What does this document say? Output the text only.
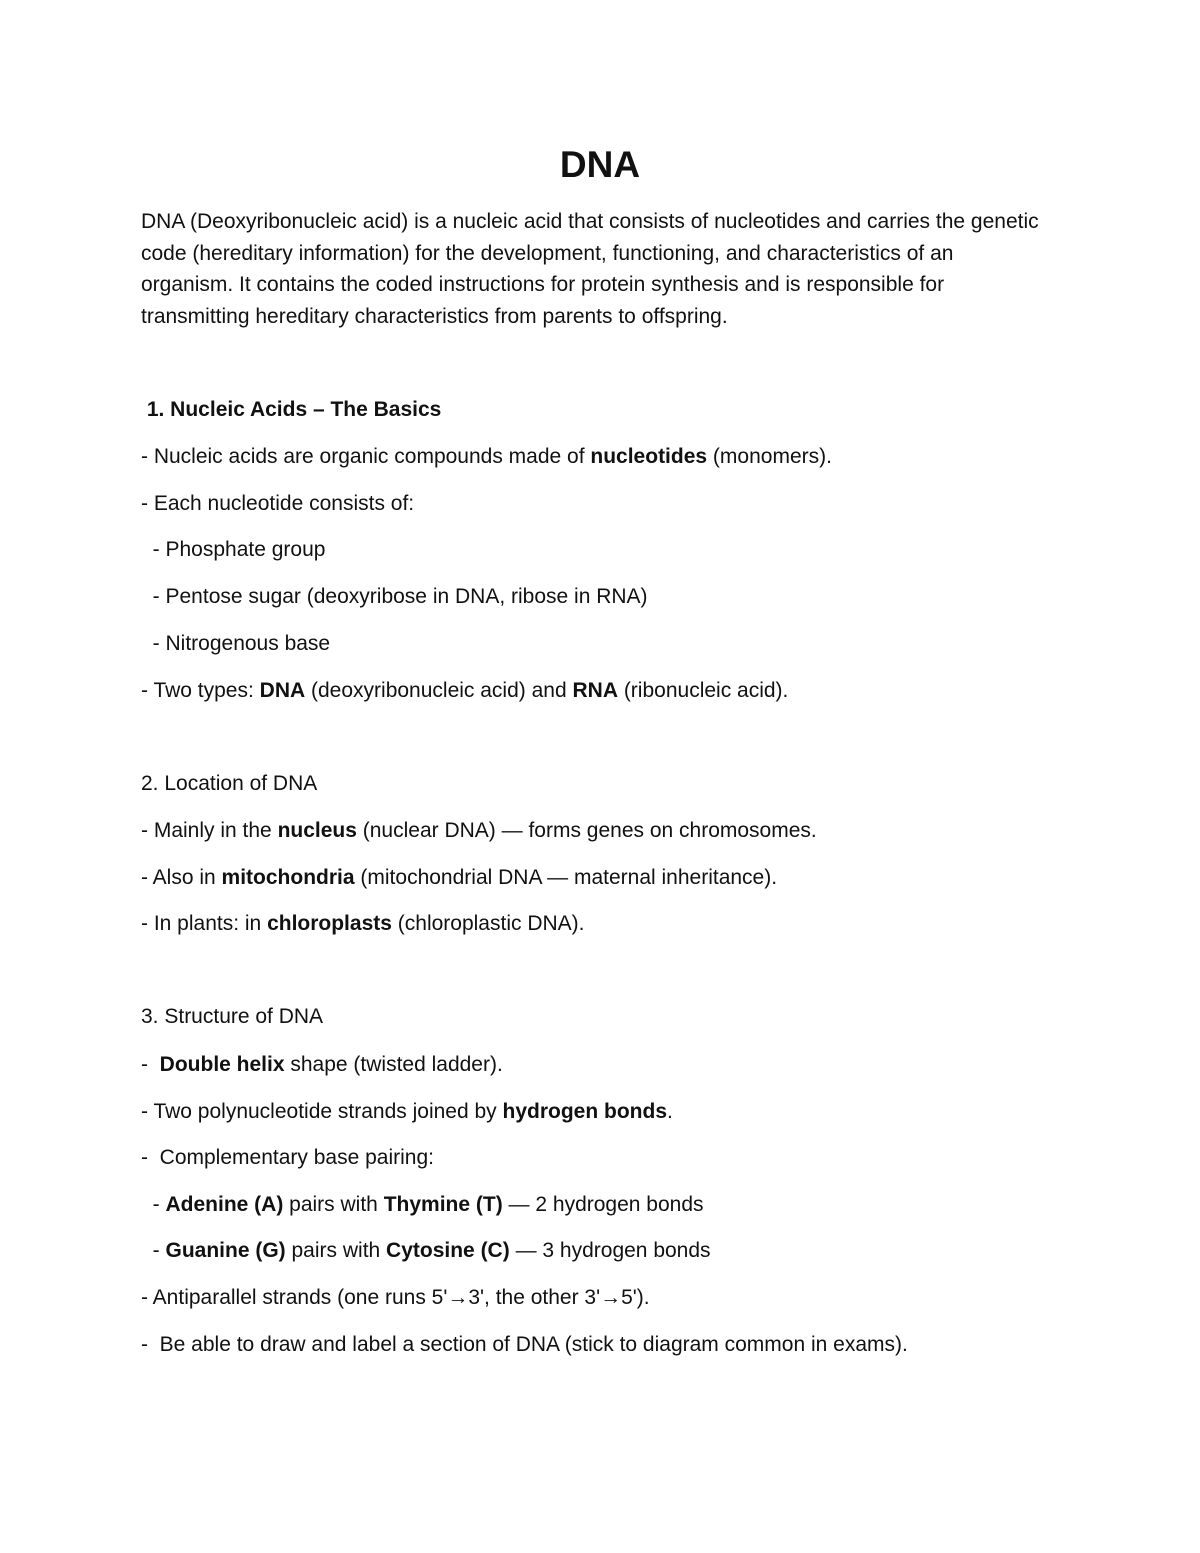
DNA

DNA (Deoxyribonucleic acid) is a nucleic acid that consists of nucleotides and carries the genetic code (hereditary information) for the development, functioning, and characteristics of an organism. It contains the coded instructions for protein synthesis and is responsible for transmitting hereditary characteristics from parents to offspring.

1. Nucleic Acids – The Basics

- Nucleic acids are organic compounds made of nucleotides (monomers).

- Each nucleotide consists of:

- Phosphate group

- Pentose sugar (deoxyribose in DNA, ribose in RNA)

- Nitrogenous base

- Two types: DNA (deoxyribonucleic acid) and RNA (ribonucleic acid).

2. Location of DNA

- Mainly in the nucleus (nuclear DNA) — forms genes on chromosomes.

- Also in mitochondria (mitochondrial DNA — maternal inheritance).

- In plants: in chloroplasts (chloroplastic DNA).

3. Structure of DNA

-  Double helix shape (twisted ladder).

- Two polynucleotide strands joined by hydrogen bonds.

-  Complementary base pairing:

- Adenine (A) pairs with Thymine (T) — 2 hydrogen bonds

- Guanine (G) pairs with Cytosine (C) — 3 hydrogen bonds

- Antiparallel strands (one runs 5'→3', the other 3'→5').

-  Be able to draw and label a section of DNA (stick to diagram common in exams).
